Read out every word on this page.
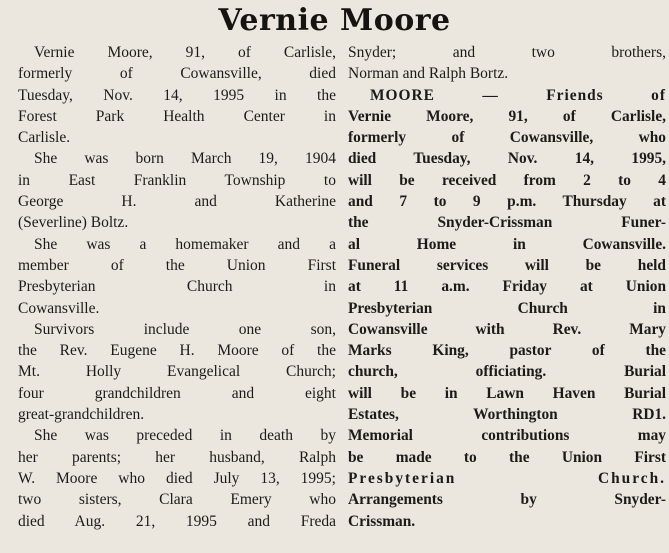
Vernie Moore

Vernie Moore, 91, of Carlisle,
formerly of Cowansville, died
Tuesday, Nov. 14, 1995 in the
Forest Park Health Center in
Carlisle.

She was born March 19, 1904
in East Franklin Township to
George H. and Katherine
(Severline) Boltz.

She was a homemaker and a
member of the Union First
Presbyterian Church in
Cowansville.

Survivors include one son,
the Rev. Eugene H. Moore of the
Mt. Holly Evangelical Church;
four grandchildren and eight
great-grandchildren.

She was preceded in death by
her parents; her husband, Ralph
W. Moore who died July 13, 1995;
two sisters, Clara Emery who
died Aug. 21, 1995 and Freda

Snyder; and two brothers,
Norman and Ralph Bortz.

MOORE — Friends of
Vernie Moore, 91, of Carlisle,
formerly of Cowansville, who
died Tuesday, Nov. 14, 1995,
will be received from 2 to 4
and 7 to 9 p.m. Thursday at
the Snyder-Crissman Funer-
al Home in Cowansville.
Funeral services will be held
at 11 a.m. Friday at Union
Presbyterian Church in
Cowansville with Rev. Mary
Marks King, pastor of the
church, officiating. Burial
will be in Lawn Haven Burial
Estates, Worthington RD1.
Memorial contributions may
be made to the Union First
Presbyterian Church.
Arrangements by Snyder-
Crissman.
